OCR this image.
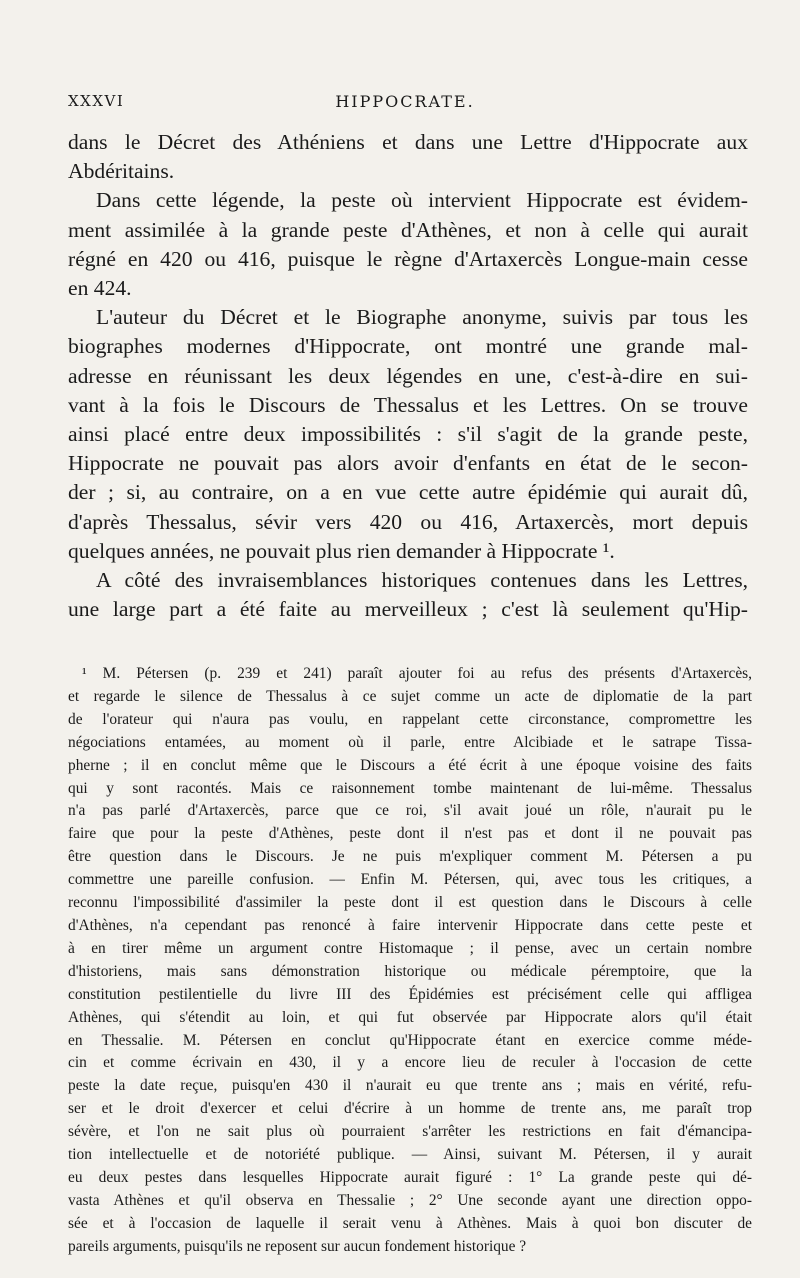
XXXVI	HIPPOCRATE.
dans le Décret des Athéniens et dans une Lettre d'Hippocrate aux
Abdéritains.
Dans cette légende, la peste où intervient Hippocrate est évidem-
ment assimilée à la grande peste d'Athènes, et non à celle qui aurait
régné en 420 ou 416, puisque le règne d'Artaxercès Longue-main cesse
en 424.
L'auteur du Décret et le Biographe anonyme, suivis par tous les
biographes modernes d'Hippocrate, ont montré une grande mal-
adresse en réunissant les deux légendes en une, c'est-à-dire en sui-
vant à la fois le Discours de Thessalus et les Lettres. On se trouve
ainsi placé entre deux impossibilités : s'il s'agit de la grande peste,
Hippocrate ne pouvait pas alors avoir d'enfants en état de le secon-
der ; si, au contraire, on a en vue cette autre épidémie qui aurait dû,
d'après Thessalus, sévir vers 420 ou 416, Artaxercès, mort depuis
quelques années, ne pouvait plus rien demander à Hippocrate ¹.
A côté des invraisemblances historiques contenues dans les Lettres,
une large part a été faite au merveilleux ; c'est là seulement qu'Hip-
¹ M. Pétersen (p. 239 et 241) paraît ajouter foi au refus des présents d'Artaxercès,
et regarde le silence de Thessalus à ce sujet comme un acte de diplomatie de la part
de l'orateur qui n'aura pas voulu, en rappelant cette circonstance, compromettre les
négociations entamées, au moment où il parle, entre Alcibiade et le satrape Tissa-
pherne ; il en conclut même que le Discours a été écrit à une époque voisine des faits
qui y sont racontés. Mais ce raisonnement tombe maintenant de lui-même. Thessalus
n'a pas parlé d'Artaxercès, parce que ce roi, s'il avait joué un rôle, n'aurait pu le
faire que pour la peste d'Athènes, peste dont il n'est pas et dont il ne pouvait pas
être question dans le Discours. Je ne puis m'expliquer comment M. Pétersen a pu
commettre une pareille confusion. — Enfin M. Pétersen, qui, avec tous les critiques, a
reconnu l'impossibilité d'assimiler la peste dont il est question dans le Discours à celle
d'Athènes, n'a cependant pas renoncé à faire intervenir Hippocrate dans cette peste et
à en tirer même un argument contre Histomaque ; il pense, avec un certain nombre
d'historiens, mais sans démonstration historique ou médicale péremptoire, que la
constitution pestilentielle du livre III des Épidémies est précisément celle qui affligea
Athènes, qui s'étendit au loin, et qui fut observée par Hippocrate alors qu'il était
en Thessalie. M. Pétersen en conclut qu'Hippocrate étant en exercice comme méde-
cin et comme écrivain en 430, il y a encore lieu de reculer à l'occasion de cette
peste la date reçue, puisqu'en 430 il n'aurait eu que trente ans ; mais en vérité, refu-
ser et le droit d'exercer et celui d'écrire à un homme de trente ans, me paraît trop
sévère, et l'on ne sait plus où pourraient s'arrêter les restrictions en fait d'émancipa-
tion intellectuelle et de notoriété publique. — Ainsi, suivant M. Pétersen, il y aurait
eu deux pestes dans lesquelles Hippocrate aurait figuré : 1° La grande peste qui dé-
vasta Athènes et qu'il observa en Thessalie ; 2° Une seconde ayant une direction oppo-
sée et à l'occasion de laquelle il serait venu à Athènes. Mais à quoi bon discuter de
pareils arguments, puisqu'ils ne reposent sur aucun fondement historique ?
